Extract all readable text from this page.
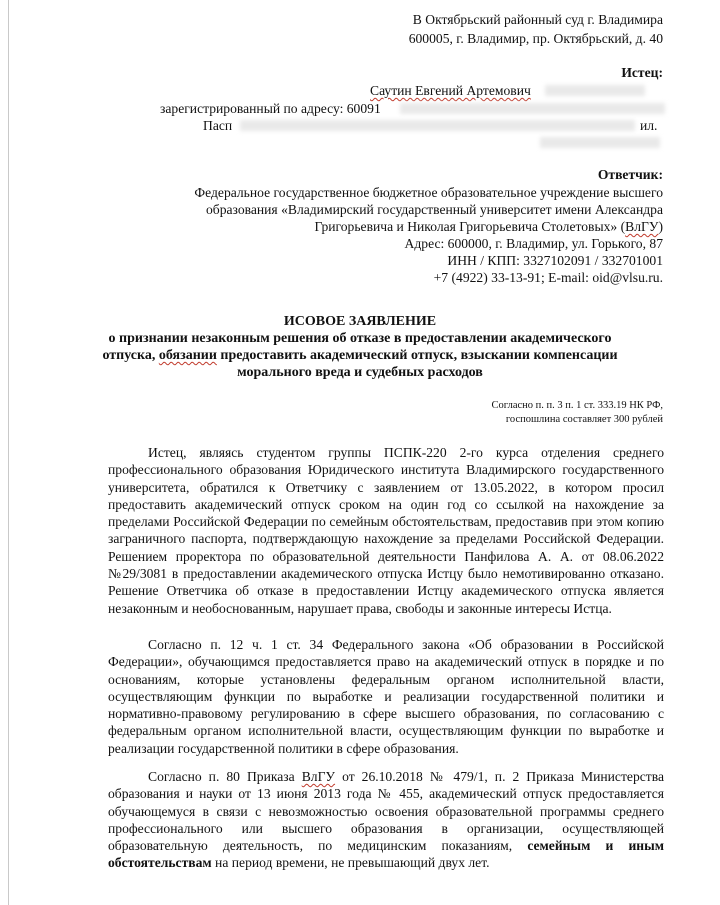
В Октябрьский районный суд г. Владимира
600005, г. Владимир, пр. Октябрьский, д. 40
Истец:
Саутин Евгений Артемович
зарегистрированный по адресу: 60091
Пасп	ил.
Ответчик:
Федеральное государственное бюджетное образовательное учреждение высшего
образования «Владимирский государственный университет имени Александра
Григорьевича и Николая Григорьевича Столетовых» (ВлГУ)
Адрес: 600000, г. Владимир, ул. Горького, 87
ИНН / КПП: 3327102091 / 332701001
+7 (4922) 33-13-91; E-mail: oid@vlsu.ru.
ИСОВОЕ ЗАЯВЛЕНИЕ
о признании незаконным решения об отказе в предоставлении академического
отпуска, обязании предоставить академический отпуск, взыскании компенсации
морального вреда и судебных расходов
Согласно п. п. 3 п. 1 ст. 333.19 НК РФ,
госпошлина составляет 300 рублей

Истец, являясь студентом группы ПСПК-220 2-го курса отделения среднего профессионального образования Юридического института Владимирского государственного университета, обратился к Ответчику с заявлением от 13.05.2022, в котором просил предоставить академический отпуск сроком на один год со ссылкой на нахождение за пределами Российской Федерации по семейным обстоятельствам, предоставив при этом копию заграничного паспорта, подтверждающую нахождение за пределами Российской Федерации. Решением проректора по образовательной деятельности Панфилова А. А. от 08.06.2022 №29/3081 в предоставлении академического отпуска Истцу было немотивированно отказано. Решение Ответчика об отказе в предоставлении Истцу академического отпуска является незаконным и необоснованным, нарушает права, свободы и законные интересы Истца.

Согласно п. 12 ч. 1 ст. 34 Федерального закона «Об образовании в Российской Федерации», обучающимся предоставляется право на академический отпуск в порядке и по основаниям, которые установлены федеральным органом исполнительной власти, осуществляющим функции по выработке и реализации государственной политики и нормативно-правовому регулированию в сфере высшего образования, по согласованию с федеральным органом исполнительной власти, осуществляющим функции по выработке и реализации государственной политики в сфере образования.

Согласно п. 80 Приказа ВлГУ от 26.10.2018 № 479/1, п. 2 Приказа Министерства образования и науки от 13 июня 2013 года № 455, академический отпуск предоставляется обучающемуся в связи с невозможностью освоения образовательной программы среднего профессионального или высшего образования в организации, осуществляющей образовательную деятельность, по медицинским показаниям, семейным и иным обстоятельствам на период времени, не превышающий двух лет.
